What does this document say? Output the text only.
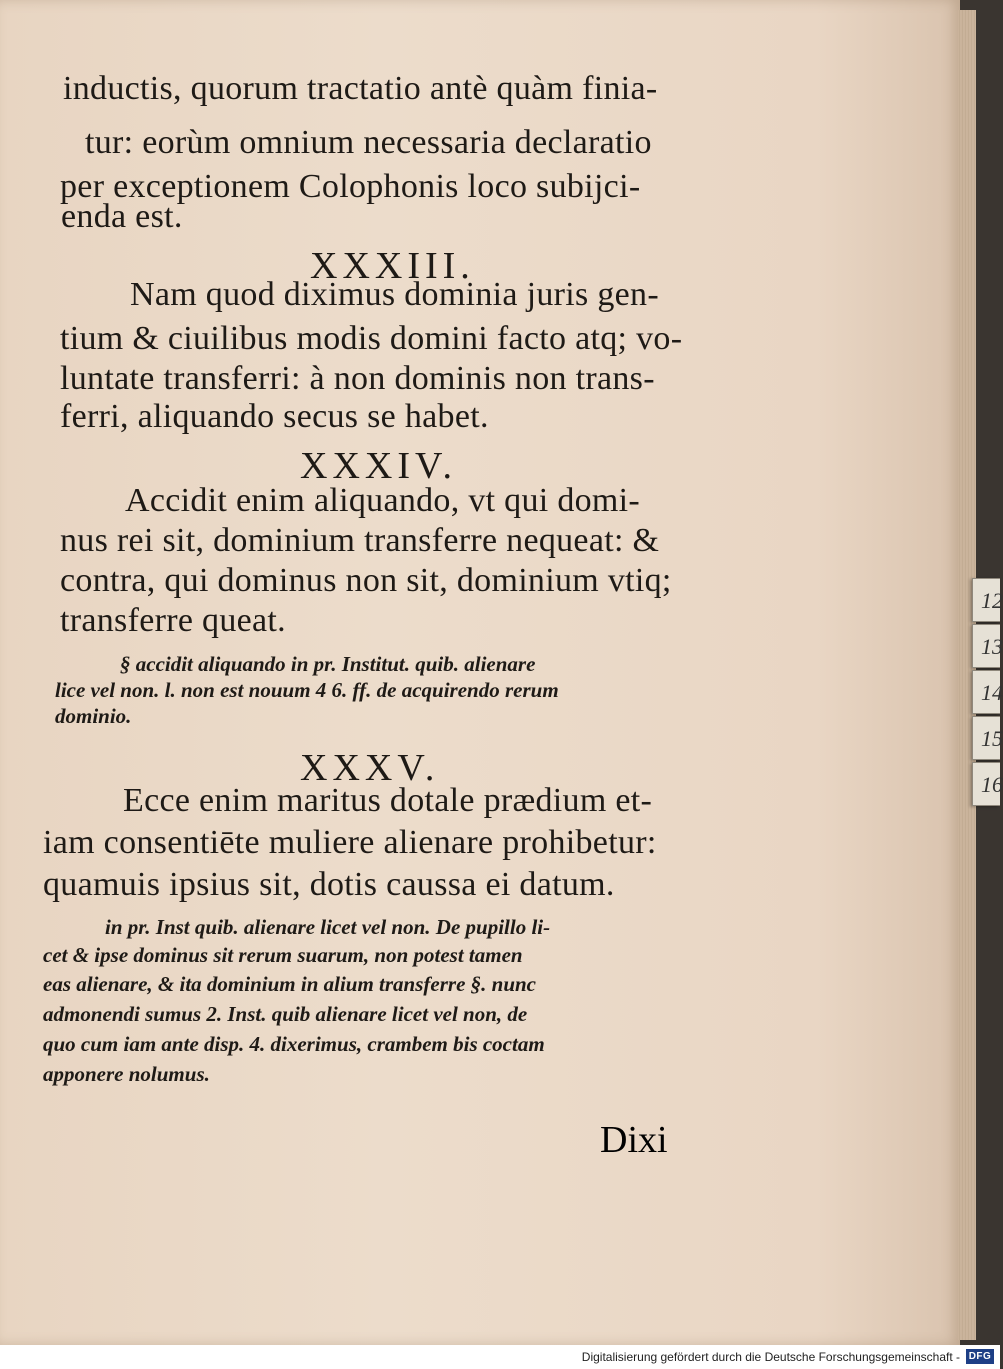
inductis, quorum tractatio antè quàm finia-
tur: eorùm omnium necessaria declaratio
per exceptionem Colophonis loco subijci-
enda est.
XXXIII.
Nam quod diximus dominia juris gen-
tium & ciuilibus modis domini facto atq; vo-
luntate transferri: à non dominis non trans-
ferri, aliquando secus se habet.
XXXIV.
Accidit enim aliquando, vt qui domi-
nus rei sit, dominium transferre nequeat: &
contra, qui dominus non sit, dominium vtiq;
transferre queat.
§ accidit aliquando in pr. Institut. quib. alienare
lice vel non. l. non est nouum 4 6. ff. de acquirendo rerum
dominio.
XXXV.
Ecce enim maritus dotale prædium et-
iam consentiēte muliere alienare prohibetur:
quamuis ipsius sit, dotis caussa ei datum.
in pr. Inst quib. alienare licet vel non. De pupillo li-
cet & ipse dominus sit rerum suarum, non potest tamen
eas alienare, & ita dominium in alium transferre §. nunc
admonendi sumus 2. Inst. quib alienare licet vel non, de
quo cum iam ante disp. 4. dixerimus, crambem bis coctam
apponere nolumus.
Dixi
12
13
14
15
16
Digitalisierung gefördert durch die Deutsche Forschungsgemeinschaft - DFG
